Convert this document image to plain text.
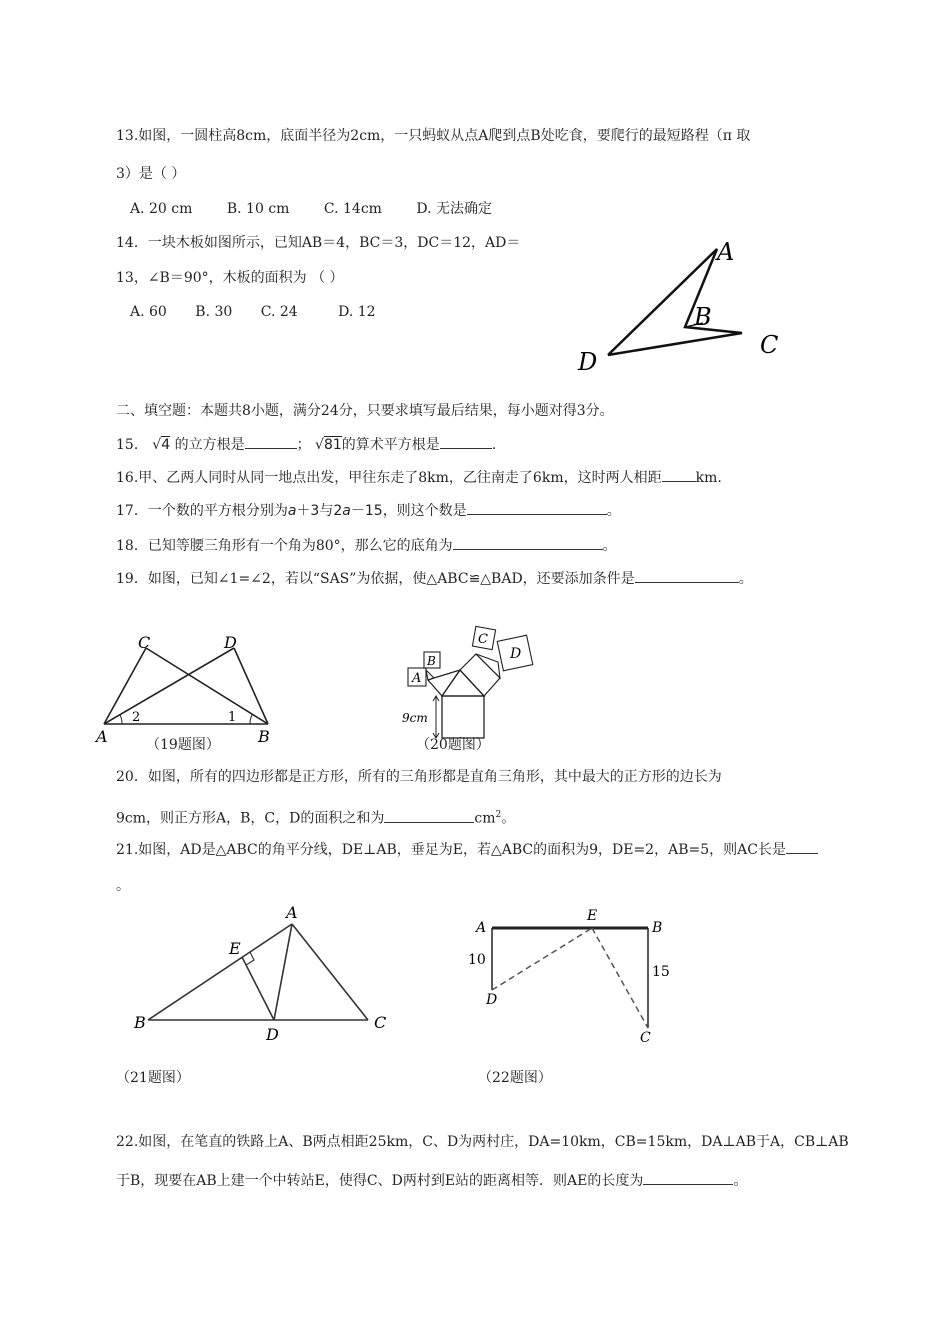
13.如图，一圆柱高8cm，底面半径为2cm，一只蚂蚁从点A爬到点B处吃食，要爬行的最短路程（π 取
3）是（ ）
A. 20 cm B. 10 cm C. 14cm D. 无法确定
14．一块木板如图所示，已知AB＝4，BC＝3，DC＝12，AD＝
13，∠B＝90°，木板的面积为 （ ）
A. 60 B. 30 C. 24	D. 12
A
B
C
D
二、填空题：本题共8小题，满分24分，只要求填写最后结果，每小题对得3分。
15． √4 的立方根是	； √81的算术平方根是	.
16.甲、乙两人同时从同一地点出发，甲往东走了8km，乙往南走了6km，这时两人相距 km.
17．一个数的平方根分别为a＋3与2a－15，则这个数是	。
18．已知等腰三角形有一个角为80°，那么它的底角为	。
19．如图，已知∠1=∠2，若以“SAS”为依据，使△ABC≌△BAD，还要添加条件是	。
C	D
A	B
2	1
（19题图）
A
B
C
D
9cm
（20题图）
20．如图，所有的四边形都是正方形，所有的三角形都是直角三角形，其中最大的正方形的边长为
9cm，则正方形A，B，C，D的面积之和为	$cm^2$。
21.如图，AD是△ABC的角平分线，DE⊥AB，垂足为E，若△ABC的面积为9，DE=2，AB=5，则AC长是
。
A
B	C
D
E
（21题图）
A	B
E
D
C
10
15
（22题图）
22.如图，在笔直的铁路上A、B两点相距25km，C、D为两村庄，DA=10km，CB=15km，DA⊥AB于A，CB⊥AB
于B，现要在AB上建一个中转站E，使得C、D两村到E站的距离相等．则AE的长度为	。
